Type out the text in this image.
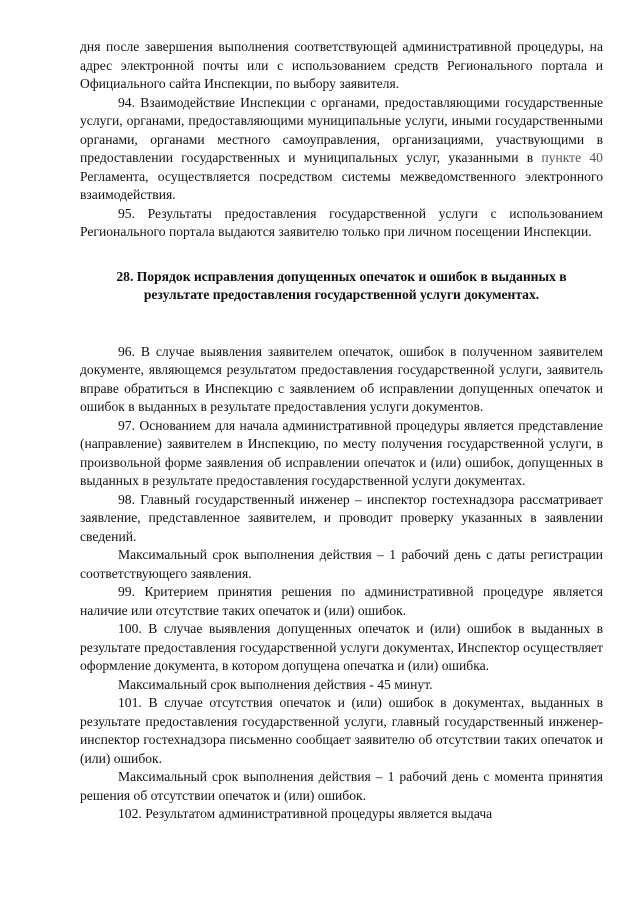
дня после завершения выполнения соответствующей административной процедуры, на адрес электронной почты или с использованием средств Регионального портала и Официального сайта Инспекции, по выбору заявителя.

94. Взаимодействие Инспекции с органами, предоставляющими государственные услуги, органами, предоставляющими муниципальные услуги, иными государственными органами, органами местного самоуправления, организациями, участвующими в предоставлении государственных и муниципальных услуг, указанными в пункте 40 Регламента, осуществляется посредством системы межведомственного электронного взаимодействия.

95. Результаты предоставления государственной услуги с использованием Регионального портала выдаются заявителю только при личном посещении Инспекции.

28. Порядок исправления допущенных опечаток и ошибок в выданных в результате предоставления государственной услуги документах.

96. В случае выявления заявителем опечаток, ошибок в полученном заявителем документе, являющемся результатом предоставления государственной услуги, заявитель вправе обратиться в Инспекцию с заявлением об исправлении допущенных опечаток и ошибок в выданных в результате предоставления услуги документов.

97. Основанием для начала административной процедуры является представление (направление) заявителем в Инспекцию, по месту получения государственной услуги, в произвольной форме заявления об исправлении опечаток и (или) ошибок, допущенных в выданных в результате предоставления государственной услуги документах.

98. Главный государственный инженер – инспектор гостехнадзора рассматривает заявление, представленное заявителем, и проводит проверку указанных в заявлении сведений.

Максимальный срок выполнения действия – 1 рабочий день с даты регистрации соответствующего заявления.

99. Критерием принятия решения по административной процедуре является наличие или отсутствие таких опечаток и (или) ошибок.

100. В случае выявления допущенных опечаток и (или) ошибок в выданных в результате предоставления государственной услуги документах, Инспектор осуществляет оформление документа, в котором допущена опечатка и (или) ошибка.

Максимальный срок выполнения действия - 45 минут.

101. В случае отсутствия опечаток и (или) ошибок в документах, выданных в результате предоставления государственной услуги, главный государственный инженер-инспектор гостехнадзора письменно сообщает заявителю об отсутствии таких опечаток и (или) ошибок.

Максимальный срок выполнения действия – 1 рабочий день с момента принятия решения об отсутствии опечаток и (или) ошибок.

102. Результатом административной процедуры является выдача
